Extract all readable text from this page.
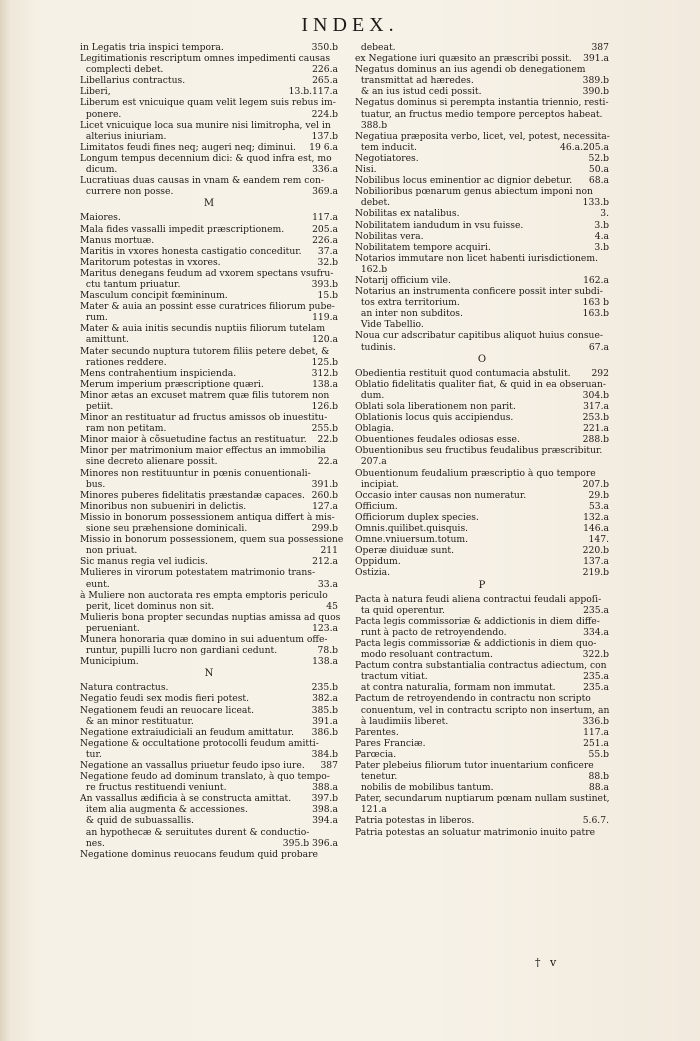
INDEX.
350.b
in Legatis tria inspici tempora.
Legitimationis rescriptum omnes impedimenti causas
226.a
complecti debet.
265.a
Libellarius contractus.
13.b.117.a
Liberi,
Liberum est vnicuique quam velit legem suis rebus im-
224.b
ponere.
Licet vnicuique loca sua munire nisi limitropha, vel in
137.b
alterius iniuriam.
19 6.a
Limitatos feudi fines neq; augeri neq; diminui.
Longum tempus decennium dici: & quod infra est, mo
336.a
dicum.
Lucratiuas duas causas in vnam & eandem rem con-
369.a
currere non posse.
M
117.a
Maiores.
205.a
Mala fides vassalli impedit præscriptionem.
226.a
Manus mortuæ.
37.a
Maritis in vxores honesta castigatio conceditur.
32.b
Maritorum potestas in vxores.
Maritus denegans feudum ad vxorem spectans vsufru-
393.b
ctu tantum priuatur.
15.b
Masculum concipit fœmininum.
Mater & auia an possint esse curatrices filiorum pube-
119.a
rum.
Mater & auia initis secundis nuptiis filiorum tutelam
120.a
amittunt.
Mater secundo nuptura tutorem filiis petere debet, &
125.b
rationes reddere.
312.b
Mens contrahentium inspicienda.
138.a
Merum imperium præscriptione quæri.
Minor ætas an excuset matrem quæ filis tutorem non
126.b
petiit.
Minor an restituatur ad fructus amissos ob inuestitu-
255.b
ram non petitam.
22.b
Minor maior à cõsuetudine factus an restituatur.
Minor per matrimonium maior effectus an immobilia
22.a
sine decreto alienare possit.
Minores non restituuntur in pœnis conuentionali-
391.b
bus.
260.b
Minores puberes fidelitatis præstandæ capaces.
127.a
Minoribus non subueniri in delictis.
Missio in bonorum possessionem antiqua differt à mis-
299.b
sione seu præhensione dominicali.
Missio in bonorum possessionem, quem sua possessione
211
non priuat.
212.a
Sic manus regia vel iudicis.
Mulieres in virorum potestatem matrimonio trans-
33.a
eunt.
à Muliere non auctorata res empta emptoris periculo
45
perit, licet dominus non sit.
Mulieris bona propter secundas nuptias amissa ad quos
123.a
perueniant.
Munera honoraria quæ domino in sui aduentum offe-
78.b
runtur, pupilli lucro non gardiani cedunt.
138.a
Municipium.
N
235.b
Natura contractus.
382.a
Negatio feudi sex modis fieri potest.
385.b
Negationem feudi an reuocare liceat.
391.a
& an minor restituatur.
386.b
Negatione extraiudiciali an feudum amittatur.
Negatione & occultatione protocolli feudum amitti-
384.b
tur.
387
Negatione an vassallus priuetur feudo ipso iure.
Negatione feudo ad dominum translato, à quo tempo-
388.a
re fructus restituendi veniunt.
397.b
An vassallus ædificia à se constructa amittat.
398.a
item alia augmenta & accessiones.
394.a
& quid de subuassallis.
an hypothecæ & seruitutes durent & conductio-
395.b 396.a
nes.
Negatione dominus reuocans feudum quid probare
387
debeat.
391.a
ex Negatione iuri quæsito an præscribi possit.
Negatus dominus an ius agendi ob denegationem
389.b
transmittat ad hæredes.
390.b
& an ius istud cedi possit.
Negatus dominus si perempta instantia triennio, resti-
tuatur, an fructus medio tempore perceptos habeat.
388.b
Negatiua præposita verbo, licet, vel, potest, necessita-
46.a.205.a
tem inducit.
52.b
Negotiatores.
50.a
Nisi.
68.a
Nobilibus locus eminentior ac dignior debetur.
Nobilioribus pœnarum genus abiectum imponi non
133.b
debet.
3.
Nobilitas ex natalibus.
3.b
Nobilitatem iandudum in vsu fuisse.
4.a
Nobilitas vera.
3.b
Nobilitatem tempore acquiri.
Notarios immutare non licet habenti iurisdictionem.
162.b
162.a
Notarij officium vile.
Notarius an instrumenta conficere possit inter subdi-
163 b
tos extra territorium.
163.b
an inter non subditos.
Vide Tabellio.
Noua cur adscribatur capitibus aliquot huius consue-
67.a
tudinis.
O
292
Obedientia restituit quod contumacia abstulit.
Oblatio fidelitatis qualiter fiat, & quid in ea obseruan-
304.b
dum.
317.a
Oblati sola liberationem non parit.
253.b
Oblationis locus quis accipiendus.
221.a
Oblagia.
288.b
Obuentiones feudales odiosas esse.
Obuentionibus seu fructibus feudalibus præscribitur.
207.a
Obuentionum feudalium præscriptio à quo tempore
207.b
incipiat.
29.b
Occasio inter causas non numeratur.
53.a
Officium.
132.a
Officiorum duplex species.
146.a
Omnis.quilibet.quisquis.
147.
Omne.vniuersum.totum.
220.b
Operæ diuiduæ sunt.
137.a
Oppidum.
219.b
Ostizia.
P
Pacta à natura feudi aliena contractui feudali appoſi-
235.a
ta quid operentur.
Pacta legis commissoriæ & addictionis in diem diffe-
334.a
runt à pacto de retroуendendo.
Pacta legis commissoriæ & addictionis in diem quo-
322.b
modo resoluant contractum.
Pactum contra substantialia contractus adiectum, con
235.a
tractum vitiat.
235.a
at contra naturalia, formam non immutat.
Pactum de retroуendendo in contractu non scripto
conuentum, vel in contractu scripto non insertum, an
336.b
à laudimiis liberet.
117.a
Parentes.
251.a
Pares Franciæ.
55.b
Parœcia.
Pater plebeius filiorum tutor inuentarium conficere
88.b
tenetur.
88.a
nobilis de mobilibus tantum.
Pater, secundarum nuptiarum pœnam nullam sustinet,
121.a
5.6.7.
Patria potestas in liberos.
Patria potestas an soluatur matrimonio inuito patre
† v
